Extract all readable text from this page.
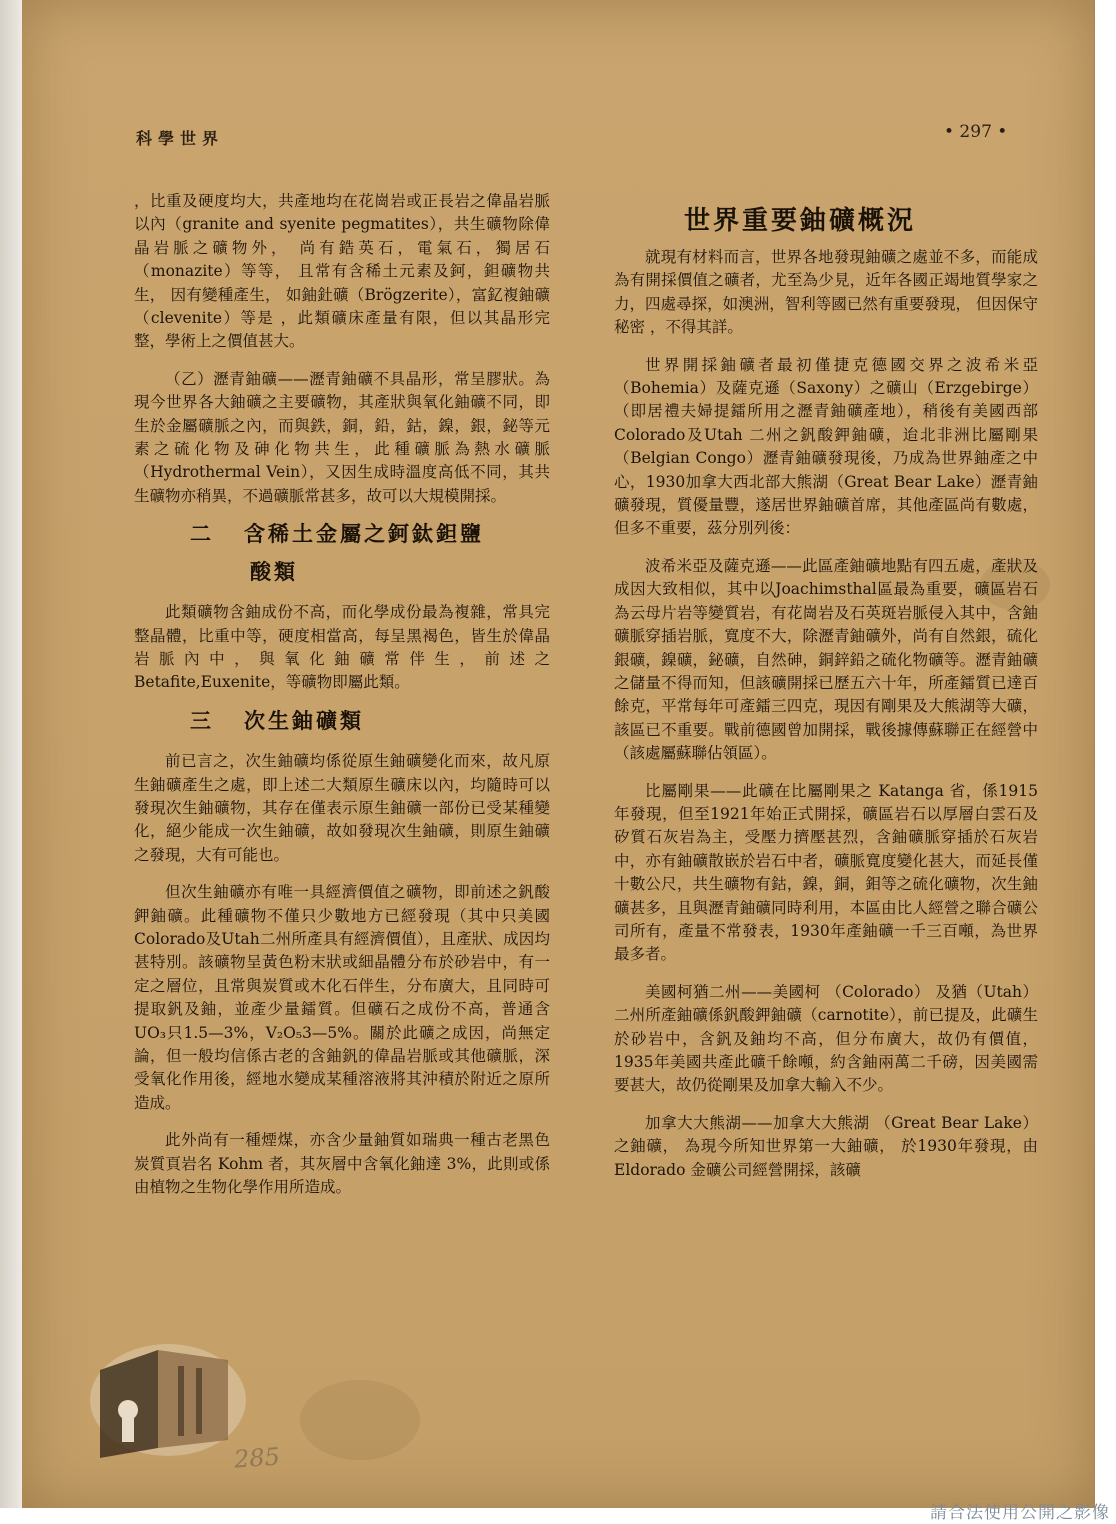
科學世界	• 297 •

，比重及硬度均大，共產地均在花崗岩或正長岩之偉晶岩脈以內（granite and syenite pegmatites），共生礦物除偉晶岩脈之礦物外， 尚有鋯英石，電氣石，獨居石（monazite）等等， 且常有含稀土元素及鈳，鉭礦物共生， 因有變種產生， 如鈾釷礦（Brögzerite），富釔複鈾礦（clevenite）等是 ，此類礦床產量有限，但以其晶形完整，學術上之價值甚大。

（乙）瀝青鈾礦——瀝青鈾礦不具晶形，常呈膠狀。為現今世界各大鈾礦之主要礦物，其產狀與氧化鈾礦不同，即生於金屬礦脈之內，而與鉄，銅，鉛，鈷，鎳，銀，鉍等元素之硫化物及砷化物共生，此種礦脈為熱水礦脈（Hydrothermal Vein），又因生成時溫度高低不同，其共生礦物亦稍異，不過礦脈常甚多，故可以大規模開採。

二 含稀土金屬之鈳鈦鉭鹽
酸類

此類礦物含鈾成份不高，而化學成份最為複雜，常具完整晶體，比重中等，硬度相當高，每呈黑褐色，皆生於偉晶岩脈內中，與氧化鈾礦常伴生，前述之 Betafite,Euxenite，等礦物即屬此類。

三 次生鈾礦類

前已言之，次生鈾礦均係從原生鈾礦變化而來，故凡原生鈾礦產生之處，即上述二大類原生礦床以內，均隨時可以發現次生鈾礦物，其存在僅表示原生鈾礦一部份已受某種變化，絕少能成一次生鈾礦，故如發現次生鈾礦，則原生鈾礦之發現，大有可能也。

但次生鈾礦亦有唯一具經濟價值之礦物，即前述之釩酸鉀鈾礦。此種礦物不僅只少數地方已經發現（其中只美國 Colorado及Utah二州所產具有經濟價值），且產狀、成因均甚特別。該礦物呈黃色粉末狀或細晶體分布於砂岩中，有一定之層位，且常與炭質或木化石伴生，分布廣大，且同時可提取釩及鈾，並產少量鐳質。但礦石之成份不高，普通含UO₃只1.5—3%，V₂O₅3—5%。關於此礦之成因，尚無定論，但一般均信係古老的含鈾釩的偉晶岩脈或其他礦脈，深受氧化作用後，經地水變成某種溶液將其沖積於附近之原所造成。

此外尚有一種煙煤，亦含少量鈾質如瑞典一種古老黑色炭質頁岩名 Kohm 者，其灰層中含氧化鈾達 3%，此則或係由植物之生物化學作用所造成。

世界重要鈾礦概況

就現有材料而言，世界各地發現鈾礦之處並不多，而能成為有開採價值之礦者，尤至為少見，近年各國正竭地質學家之力，四處尋探，如澳洲，智利等國已然有重要發現， 但因保守秘密 ，不得其詳。

世界開採鈾礦者最初僅捷克德國交界之波希米亞（Bohemia）及薩克遜（Saxony）之礦山（Erzgebirge）（即居禮夫婦提鐳所用之瀝青鈾礦產地），稍後有美國西部Colorado及Utah 二州之釩酸鉀鈾礦，迨北非洲比屬剛果（Belgian Congo）瀝青鈾礦發現後，乃成為世界鈾產之中心，1930加拿大西北部大熊湖（Great Bear Lake）瀝青鈾礦發現，質優量豐，遂居世界鈾礦首席，其他產區尚有數處，但多不重要，茲分別列後：

波希米亞及薩克遜——此區產鈾礦地點有四五處，產狀及成因大致相似，其中以Joachimsthal區最為重要，礦區岩石為云母片岩等變質岩，有花崗岩及石英斑岩脈侵入其中，含鈾礦脈穿插岩脈，寬度不大，除瀝青鈾礦外，尚有自然銀，硫化銀礦，鎳礦，鉍礦，自然砷，銅鋅鉛之硫化物礦等。瀝青鈾礦之儲量不得而知，但該礦開採已歷五六十年，所產鐳質已達百餘克，平常每年可產鐳三四克，現因有剛果及大熊湖等大礦，該區已不重要。戰前德國曾加開採，戰後據傳蘇聯正在經營中（該處屬蘇聯佔領區）。

比屬剛果——此礦在比屬剛果之 Katanga 省，係1915年發現，但至1921年始正式開採，礦區岩石以厚層白雲石及矽質石灰岩為主，受壓力擠壓甚烈，含鈾礦脈穿插於石灰岩中，亦有鈾礦散嵌於岩石中者，礦脈寬度變化甚大，而延長僅十數公尺，共生礦物有鈷，鎳，銅，鉬等之硫化礦物，次生鈾礦甚多，且與瀝青鈾礦同時利用，本區由比人經營之聯合礦公司所有，產量不常發表，1930年產鈾礦一千三百噸，為世界最多者。

美國柯猶二州——美國柯 （Colorado） 及猶（Utah）二州所產鈾礦係釩酸鉀鈾礦（carnotite），前已提及，此礦生於砂岩中，含釩及鈾均不高，但分布廣大，故仍有價值，1935年美國共產此礦千餘噸，約含鈾兩萬二千磅，因美國需要甚大，故仍從剛果及加拿大輸入不少。

加拿大大熊湖——加拿大大熊湖 （Great Bear Lake）之鈾礦， 為現今所知世界第一大鈾礦， 於1930年發現，由Eldorado 金礦公司經營開採，該礦

285
請合法使用公開之影像
